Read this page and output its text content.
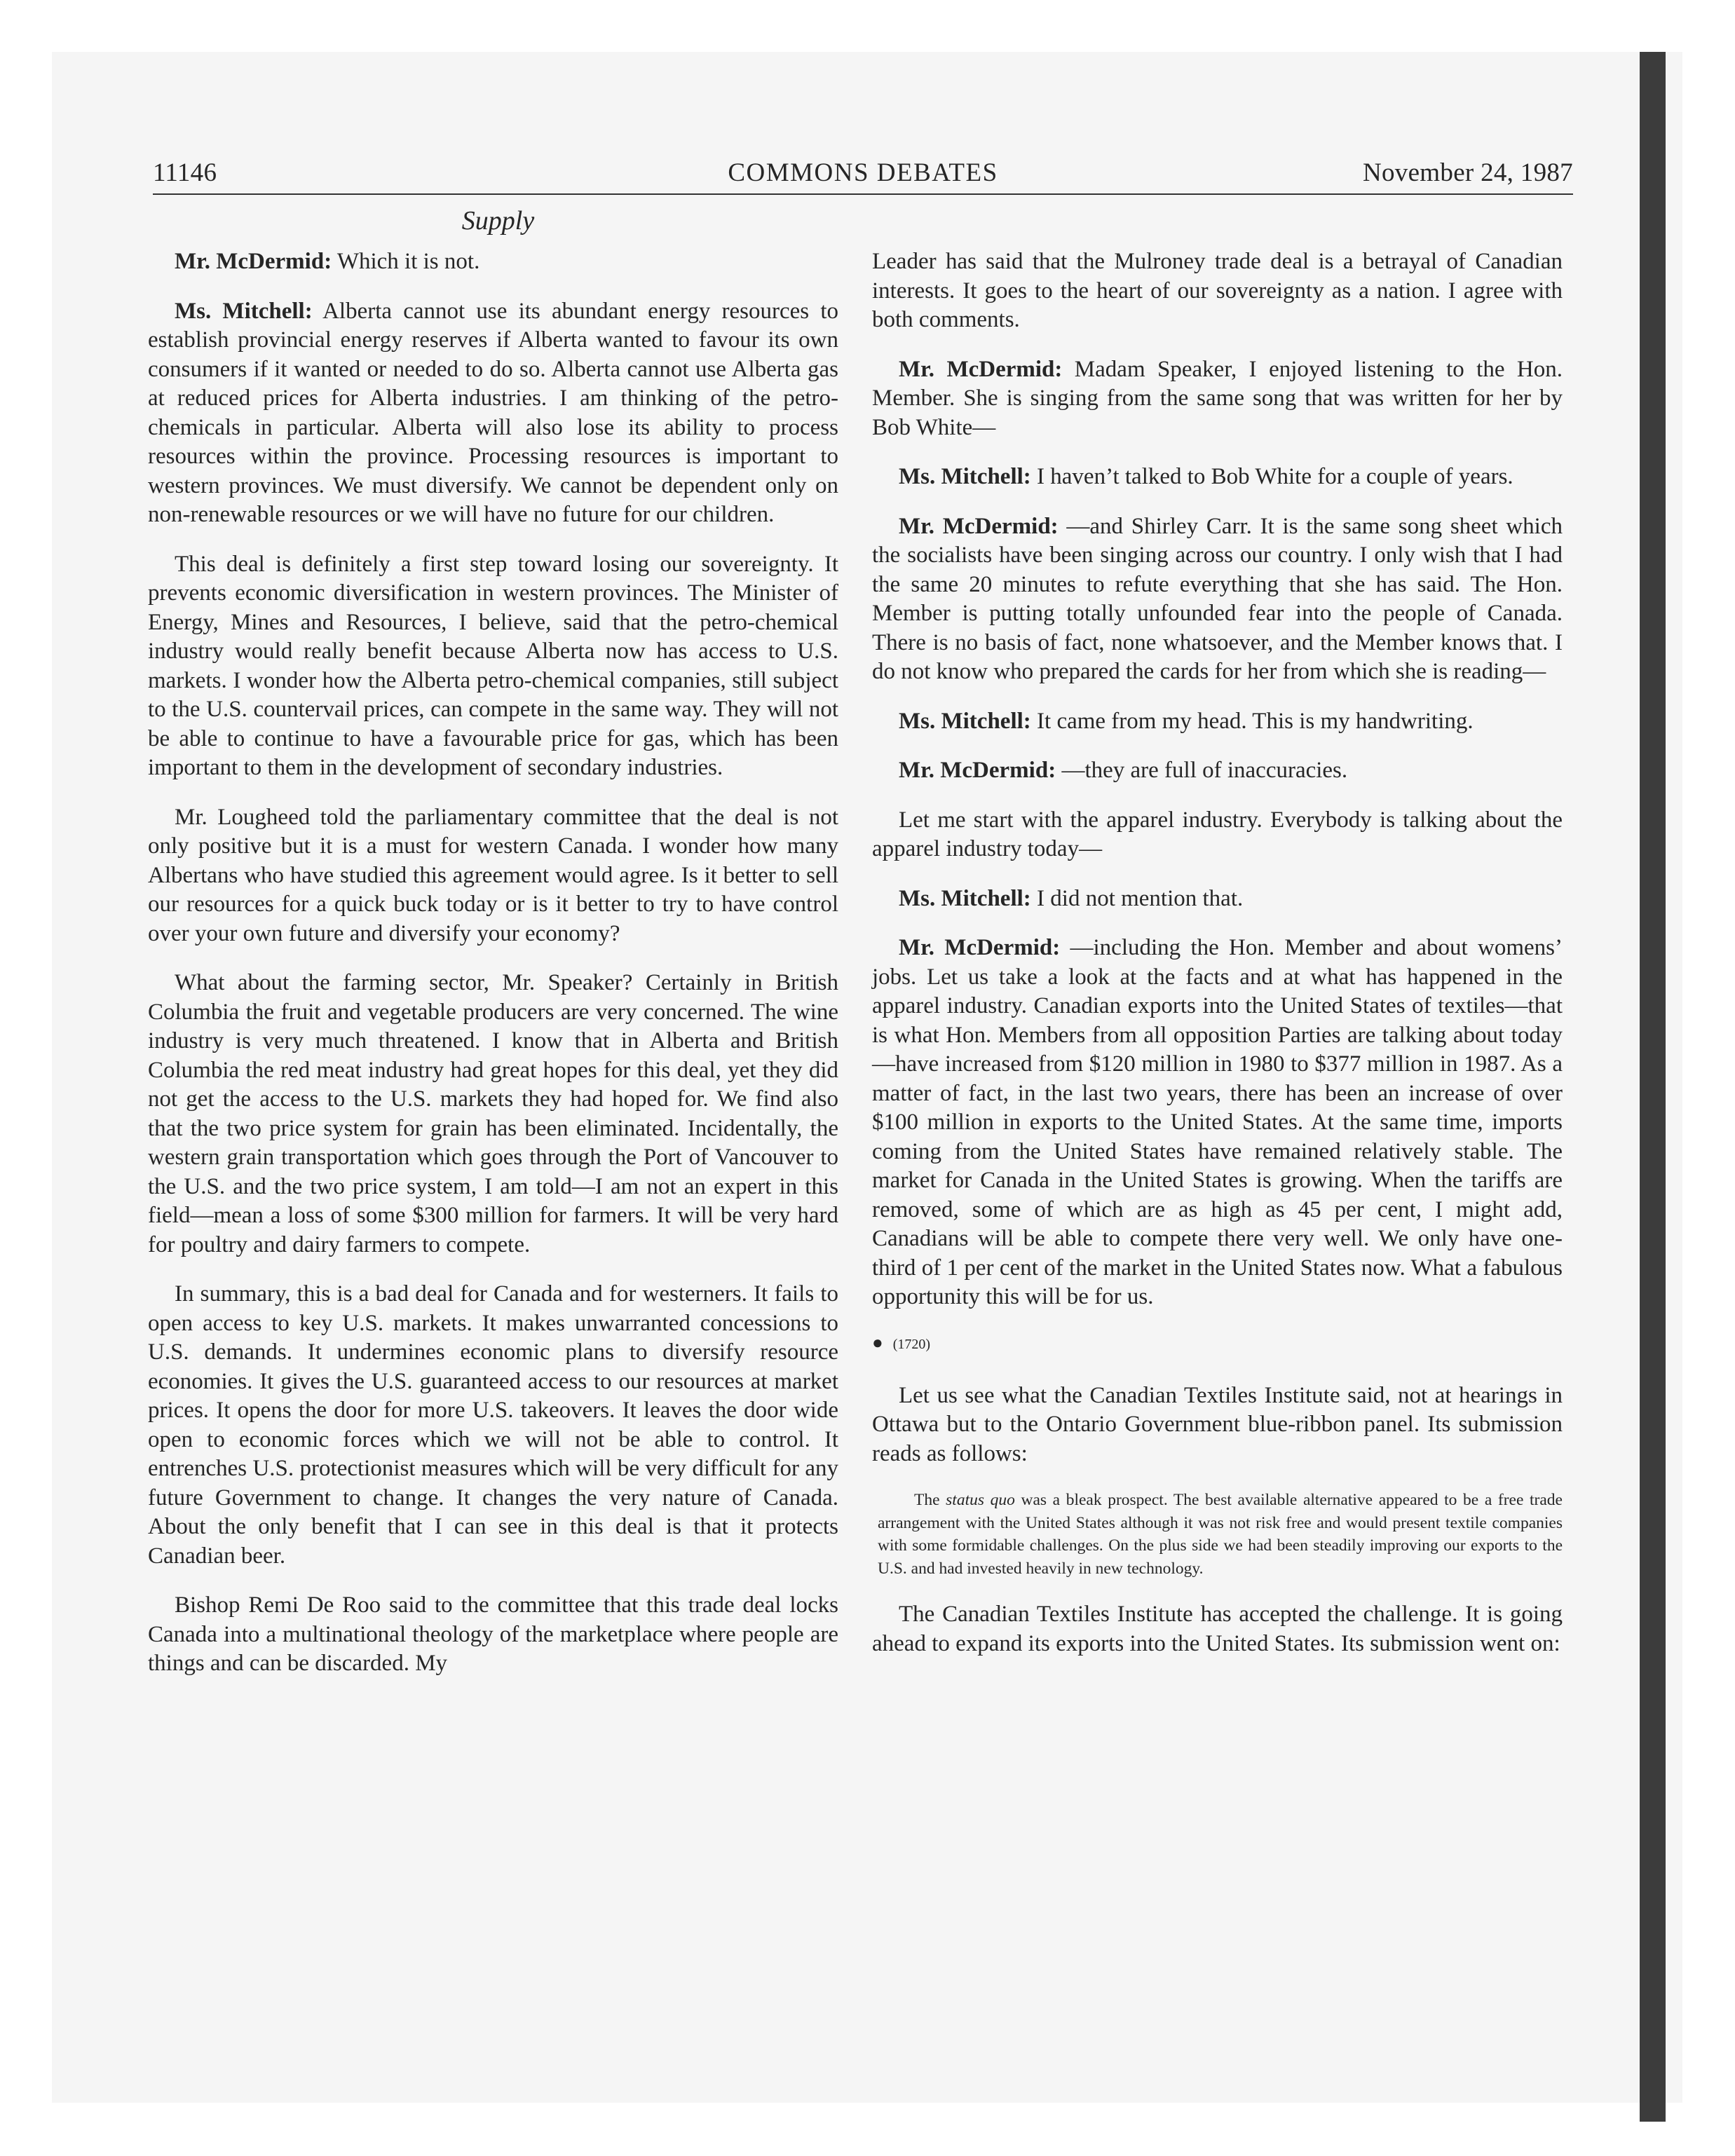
11146	COMMONS DEBATES	November 24, 1987
Supply

Mr. McDermid: Which it is not.

Ms. Mitchell: Alberta cannot use its abundant energy resources to establish provincial energy reserves if Alberta wanted to favour its own consumers if it wanted or needed to do so. Alberta cannot use Alberta gas at reduced prices for Alberta industries. I am thinking of the petro-chemicals in particular. Alberta will also lose its ability to process resources within the province. Processing resources is important to western provinces. We must diversify. We cannot be dependent only on non-renewable resources or we will have no future for our children.

This deal is definitely a first step toward losing our sovereignty. It prevents economic diversification in western provinces. The Minister of Energy, Mines and Resources, I believe, said that the petro-chemical industry would really benefit because Alberta now has access to U.S. markets. I wonder how the Alberta petro-chemical companies, still subject to the U.S. countervail prices, can compete in the same way. They will not be able to continue to have a favourable price for gas, which has been important to them in the development of secondary industries.

Mr. Lougheed told the parliamentary committee that the deal is not only positive but it is a must for western Canada. I wonder how many Albertans who have studied this agreement would agree. Is it better to sell our resources for a quick buck today or is it better to try to have control over your own future and diversify your economy?

What about the farming sector, Mr. Speaker? Certainly in British Columbia the fruit and vegetable producers are very concerned. The wine industry is very much threatened. I know that in Alberta and British Columbia the red meat industry had great hopes for this deal, yet they did not get the access to the U.S. markets they had hoped for. We find also that the two price system for grain has been eliminated. Incidentally, the western grain transportation which goes through the Port of Vancouver to the U.S. and the two price system, I am told—I am not an expert in this field—mean a loss of some $300 million for farmers. It will be very hard for poultry and dairy farmers to compete.

In summary, this is a bad deal for Canada and for westerners. It fails to open access to key U.S. markets. It makes unwarranted concessions to U.S. demands. It undermines economic plans to diversify resource economies. It gives the U.S. guaranteed access to our resources at market prices. It opens the door for more U.S. takeovers. It leaves the door wide open to economic forces which we will not be able to control. It entrenches U.S. protectionist measures which will be very difficult for any future Government to change. It changes the very nature of Canada. About the only benefit that I can see in this deal is that it protects Canadian beer.

Bishop Remi De Roo said to the committee that this trade deal locks Canada into a multinational theology of the marketplace where people are things and can be discarded. My

Leader has said that the Mulroney trade deal is a betrayal of Canadian interests. It goes to the heart of our sovereignty as a nation. I agree with both comments.

Mr. McDermid: Madam Speaker, I enjoyed listening to the Hon. Member. She is singing from the same song that was written for her by Bob White—

Ms. Mitchell: I haven’t talked to Bob White for a couple of years.

Mr. McDermid: —and Shirley Carr. It is the same song sheet which the socialists have been singing across our country. I only wish that I had the same 20 minutes to refute everything that she has said. The Hon. Member is putting totally unfounded fear into the people of Canada. There is no basis of fact, none whatsoever, and the Member knows that. I do not know who prepared the cards for her from which she is reading—

Ms. Mitchell: It came from my head. This is my handwriting.

Mr. McDermid: —they are full of inaccuracies.

Let me start with the apparel industry. Everybody is talking about the apparel industry today—

Ms. Mitchell: I did not mention that.

Mr. McDermid: —including the Hon. Member and about womens’ jobs. Let us take a look at the facts and at what has happened in the apparel industry. Canadian exports into the United States of textiles—that is what Hon. Members from all opposition Parties are talking about today—have increased from $120 million in 1980 to $377 million in 1987. As a matter of fact, in the last two years, there has been an increase of over $100 million in exports to the United States. At the same time, imports coming from the United States have remained relatively stable. The market for Canada in the United States is growing. When the tariffs are removed, some of which are as high as 45 per cent, I might add, Canadians will be able to compete there very well. We only have one-third of 1 per cent of the market in the United States now. What a fabulous opportunity this will be for us.

● (1720)

Let us see what the Canadian Textiles Institute said, not at hearings in Ottawa but to the Ontario Government blue-ribbon panel. Its submission reads as follows:

The status quo was a bleak prospect. The best available alternative appeared to be a free trade arrangement with the United States although it was not risk free and would present textile companies with some formidable challenges. On the plus side we had been steadily improving our exports to the U.S. and had invested heavily in new technology.

The Canadian Textiles Institute has accepted the challenge. It is going ahead to expand its exports into the United States. Its submission went on:
